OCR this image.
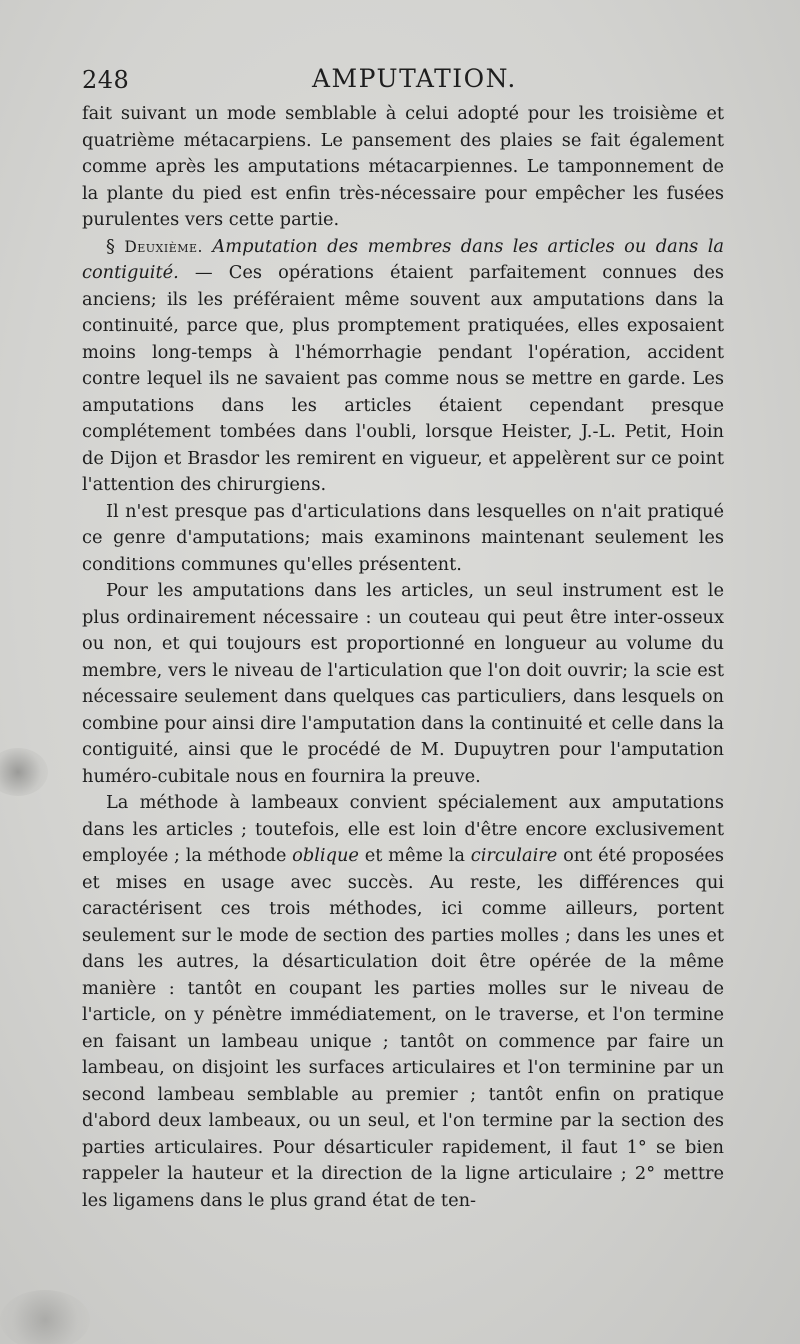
248	AMPUTATION.

fait suivant un mode semblable à celui adopté pour les troisième et quatrième métacarpiens. Le pansement des plaies se fait également comme après les amputations métacarpiennes. Le tamponnement de la plante du pied est enfin très-nécessaire pour empêcher les fusées purulentes vers cette partie.

§ Deuxième. Amputation des membres dans les articles ou dans la contiguité. — Ces opérations étaient parfaitement connues des anciens; ils les préféraient même souvent aux amputations dans la continuité, parce que, plus promptement pratiquées, elles exposaient moins long-temps à l'hémorrhagie pendant l'opération, accident contre lequel ils ne savaient pas comme nous se mettre en garde. Les amputations dans les articles étaient cependant presque complétement tombées dans l'oubli, lorsque Heister, J.-L. Petit, Hoin de Dijon et Brasdor les remirent en vigueur, et appelèrent sur ce point l'attention des chirurgiens.

Il n'est presque pas d'articulations dans lesquelles on n'ait pratiqué ce genre d'amputations; mais examinons maintenant seulement les conditions communes qu'elles présentent.

Pour les amputations dans les articles, un seul instrument est le plus ordinairement nécessaire : un couteau qui peut être inter-osseux ou non, et qui toujours est proportionné en longueur au volume du membre, vers le niveau de l'articulation que l'on doit ouvrir; la scie est nécessaire seulement dans quelques cas particuliers, dans lesquels on combine pour ainsi dire l'amputation dans la continuité et celle dans la contiguité, ainsi que le procédé de M. Dupuytren pour l'amputation huméro-cubitale nous en fournira la preuve.

La méthode à lambeaux convient spécialement aux amputations dans les articles ; toutefois, elle est loin d'être encore exclusivement employée ; la méthode oblique et même la circulaire ont été proposées et mises en usage avec succès. Au reste, les différences qui caractérisent ces trois méthodes, ici comme ailleurs, portent seulement sur le mode de section des parties molles ; dans les unes et dans les autres, la désarticulation doit être opérée de la même manière : tantôt en coupant les parties molles sur le niveau de l'article, on y pénètre immédiatement, on le traverse, et l'on termine en faisant un lambeau unique ; tantôt on commence par faire un lambeau, on disjoint les surfaces articulaires et l'on terminine par un second lambeau semblable au premier ; tantôt enfin on pratique d'abord deux lambeaux, ou un seul, et l'on termine par la section des parties articulaires. Pour désarticuler rapidement, il faut 1° se bien rappeler la hauteur et la direction de la ligne articulaire ; 2° mettre les ligamens dans le plus grand état de ten-
